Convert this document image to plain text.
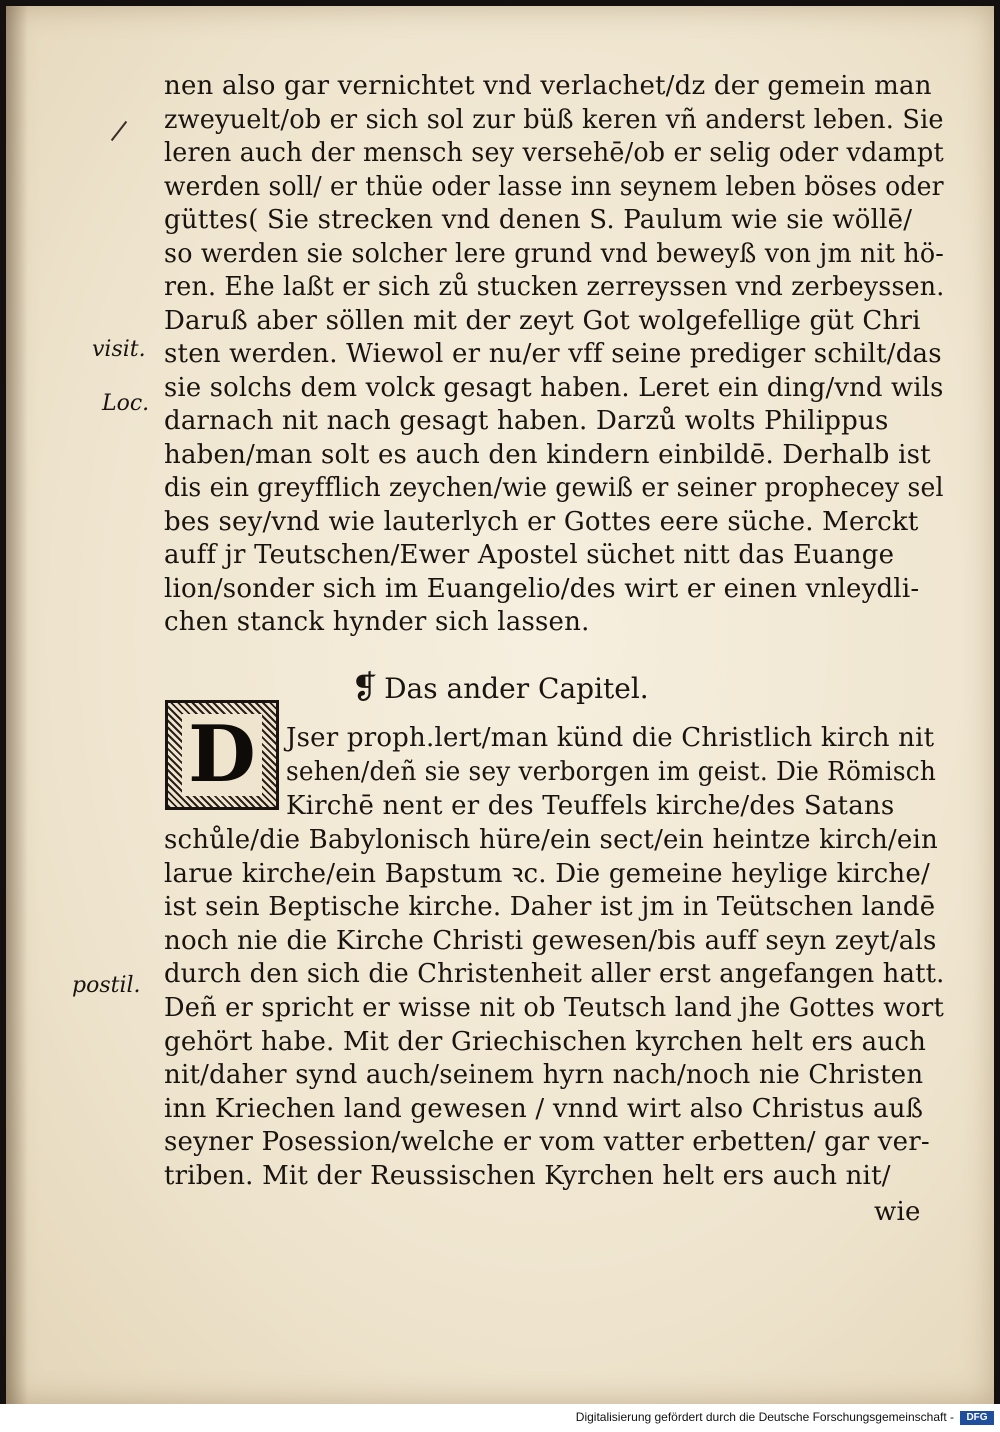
nen also gar vernichtet vnd verlachet/dz der gemein man
zweyuelt/ob er sich sol zur büß keren vñ anderst leben. Sie
leren auch der mensch sey versehē/ob er selig oder vdampt
werden soll/ er thüe oder lasse inn seynem leben böses oder
güttes( Sie strecken vnd denen S. Paulum wie sie wöllē/
so werden sie solcher lere grund vnd beweyß von jm nit hö-
ren. Ehe laßt er sich zů stucken zerreyssen vnd zerbeyssen.
Daruß aber söllen mit der zeyt Got wolgefellige güt Chri
sten werden. Wiewol er nu/er vff seine prediger schilt/das
sie solchs dem volck gesagt haben. Leret ein ding/vnd wils
darnach nit nach gesagt haben. Darzů wolts Philippus
haben/man solt es auch den kindern einbildē. Derhalb ist
dis ein greyfflich zeychen/wie gewiß er seiner prophecey sel
bes sey/vnd wie lauterlych er Gottes eere süche. Merckt
auff jr Teutschen/Ewer Apostel süchet nitt das Euange
lion/sonder sich im Euangelio/des wirt er einen vnleydli-
chen stanck hynder sich lassen.
visit.
Loc.
postil.
❡ Das ander Capitel.
D Jser proph.lert/man künd die Christlich kirch nit
sehen/deñ sie sey verborgen im geist. Die Römisch
Kirchē nent er des Teuffels kirche/des Satans
schůle/die Babylonisch hüre/ein sect/ein heintze kirch/ein
larue kirche/ein Bapstum ꝛc. Die gemeine heylige kirche/
ist sein Beptische kirche. Daher ist jm in Teütschen landē
noch nie die Kirche Christi gewesen/bis auff seyn zeyt/als
durch den sich die Christenheit aller erst angefangen hatt.
Deñ er spricht er wisse nit ob Teutsch land jhe Gottes wort
gehört habe. Mit der Griechischen kyrchen helt ers auch
nit/daher synd auch/seinem hyrn nach/noch nie Christen
inn Kriechen land gewesen / vnnd wirt also Christus auß
seyner Posession/welche er vom vatter erbetten/ gar ver-
triben. Mit der Reussischen Kyrchen helt ers auch nit/
wie
Digitalisierung gefördert durch die Deutsche Forschungsgemeinschaft -	DFG
